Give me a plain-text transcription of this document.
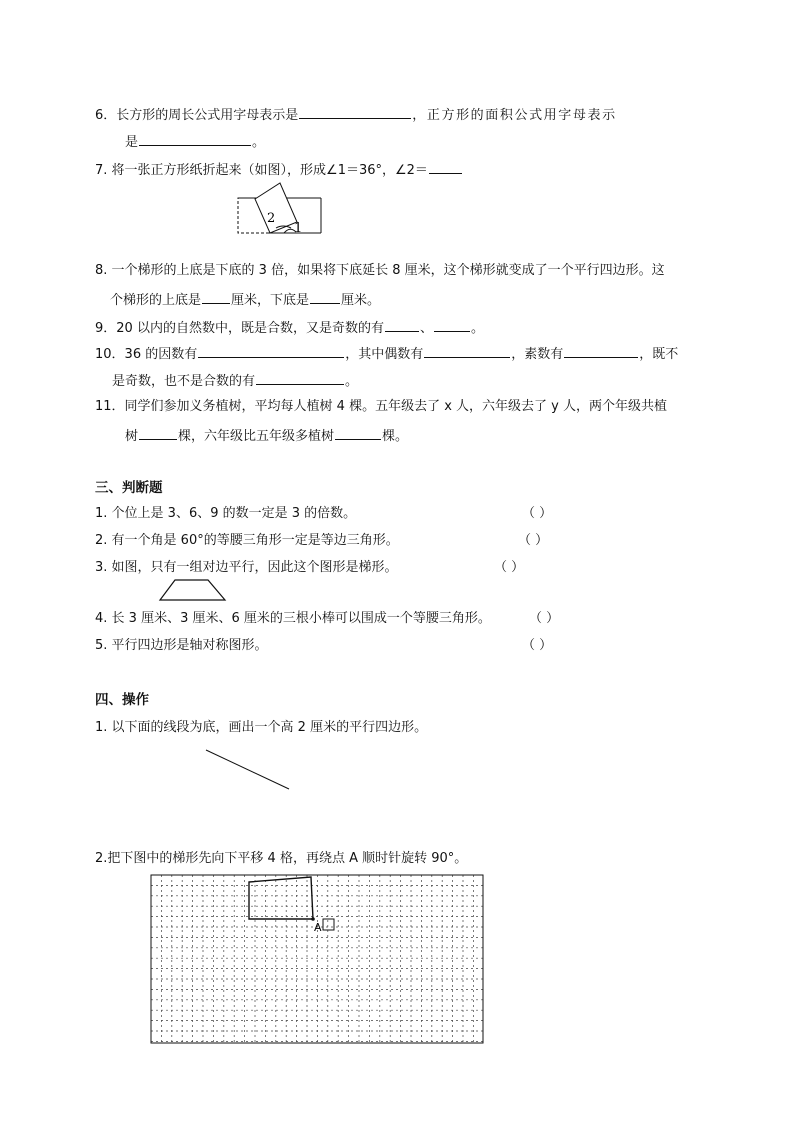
6．长方形的周长公式用字母表示是	，正方形的面积公式用字母表示
是	。
7. 将一张正方形纸折起来（如图），形成∠1＝36°，∠2＝
2
1
8. 一个梯形的上底是下底的 3 倍，如果将下底延长 8 厘米，这个梯形就变成了一个平行四边形。这
个梯形的上底是 厘米，下底是 厘米。
9．20 以内的自然数中，既是合数，又是奇数的有	、	。
10．36 的因数有	，其中偶数有	，素数有	，既不
是奇数，也不是合数的有	。
11．同学们参加义务植树，平均每人植树 4 棵。五年级去了 x 人，六年级去了 y 人，两个年级共植
树	棵，六年级比五年级多植树	棵。
三、判断题
1. 个位上是 3、6、9 的数一定是 3 的倍数。	（ ）
2. 有一个角是 60°的等腰三角形一定是等边三角形。	（ ）
3. 如图，只有一组对边平行，因此这个图形是梯形。	（ ）
4. 长 3 厘米、3 厘米、6 厘米的三根小棒可以围成一个等腰三角形。	（ ）
5. 平行四边形是轴对称图形。	（ ）
四、操作
1. 以下面的线段为底，画出一个高 2 厘米的平行四边形。
2.把下图中的梯形先向下平移 4 格，再绕点 A 顺时针旋转 90°。
A
